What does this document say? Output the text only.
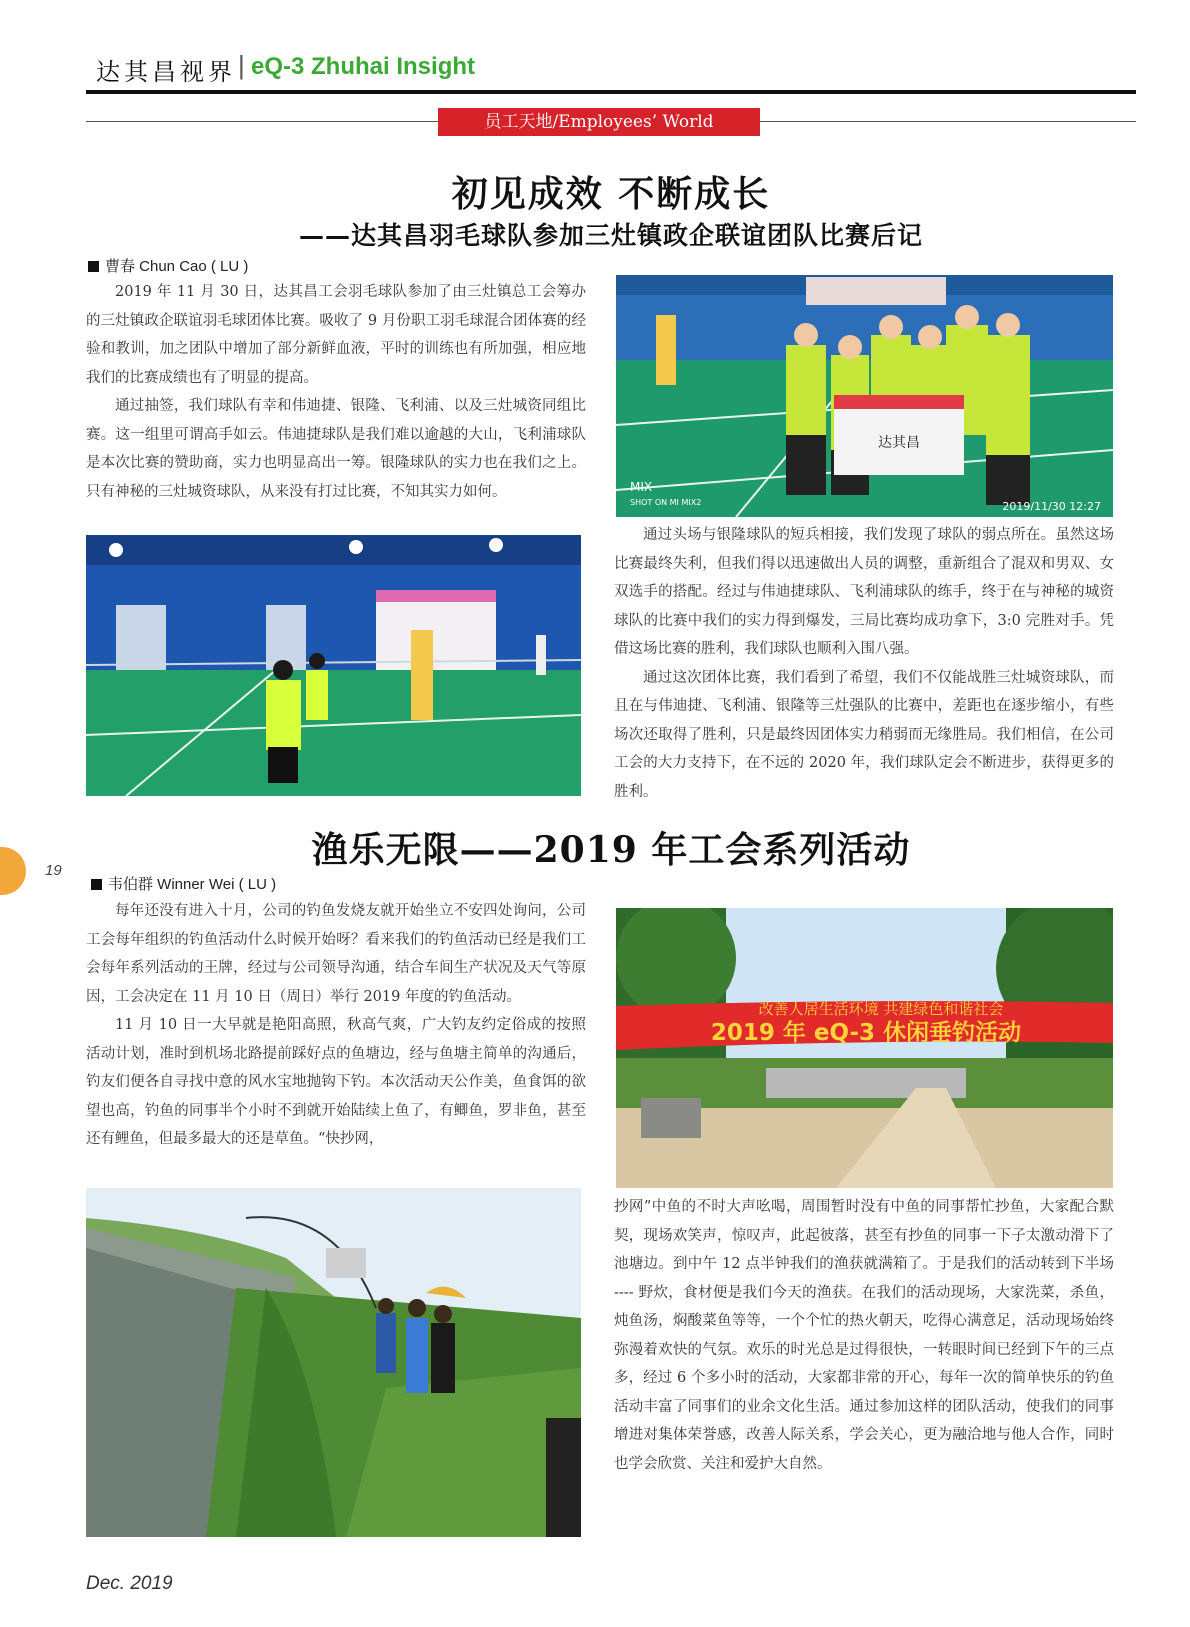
达其昌视界 | eQ-3 Zhuhai Insight
员工天地/Employees’ World
初见成效 不断成长
——达其昌羽毛球队参加三灶镇政企联谊团队比赛后记
曹春 Chun Cao ( LU )

2019 年 11 月 30 日，达其昌工会羽毛球队参加了由三灶镇总工会筹办的三灶镇政企联谊羽毛球团体比赛。吸收了 9 月份职工羽毛球混合团体赛的经验和教训，加之团队中增加了部分新鲜血液，平时的训练也有所加强，相应地我们的比赛成绩也有了明显的提高。

通过抽签，我们球队有幸和伟迪捷、银隆、飞利浦、以及三灶城资同组比赛。这一组里可谓高手如云。伟迪捷球队是我们难以逾越的大山，飞利浦球队是本次比赛的赞助商，实力也明显高出一筹。银隆球队的实力也在我们之上。只有神秘的三灶城资球队，从来没有打过比赛，不知其实力如何。

达其昌
MIX
SHOT ON MI MIX2	2019/11/30 12:27

通过头场与银隆球队的短兵相接，我们发现了球队的弱点所在。虽然这场比赛最终失利，但我们得以迅速做出人员的调整，重新组合了混双和男双、女双选手的搭配。经过与伟迪捷球队、飞利浦球队的练手，终于在与神秘的城资球队的比赛中我们的实力得到爆发，三局比赛均成功拿下，3:0 完胜对手。凭借这场比赛的胜利，我们球队也顺利入围八强。

通过这次团体比赛，我们看到了希望，我们不仅能战胜三灶城资球队，而且在与伟迪捷、飞利浦、银隆等三灶强队的比赛中，差距也在逐步缩小，有些场次还取得了胜利，只是最终因团体实力稍弱而无缘胜局。我们相信，在公司工会的大力支持下，在不远的 2020 年，我们球队定会不断进步，获得更多的胜利。

19	渔乐无限——2019 年工会系列活动
韦伯群 Winner Wei ( LU )

每年还没有进入十月，公司的钓鱼发烧友就开始坐立不安四处询问，公司工会每年组织的钓鱼活动什么时候开始呀？看来我们的钓鱼活动已经是我们工会每年系列活动的王牌，经过与公司领导沟通，结合车间生产状况及天气等原因，工会决定在 11 月 10 日（周日）举行 2019 年度的钓鱼活动。

11 月 10 日一大早就是艳阳高照，秋高气爽，广大钓友约定俗成的按照活动计划，准时到机场北路提前踩好点的鱼塘边，经与鱼塘主简单的沟通后，钓友们便各自寻找中意的风水宝地抛钩下钓。本次活动天公作美，鱼食饵的欲望也高，钓鱼的同事半个小时不到就开始陆续上鱼了，有鲫鱼，罗非鱼，甚至还有鲤鱼，但最多最大的还是草鱼。“快抄网，

改善人居生活环境 共建绿色和谐社会
2019 年 eQ-3 休闲垂钓活动

抄网”中鱼的不时大声吆喝，周围暂时没有中鱼的同事帮忙抄鱼，大家配合默契，现场欢笑声，惊叹声，此起彼落，甚至有抄鱼的同事一下子太激动滑下了池塘边。到中午 12 点半钟我们的渔获就满箱了。于是我们的活动转到下半场 ---- 野炊，食材便是我们今天的渔获。在我们的活动现场，大家洗菜，杀鱼，炖鱼汤，焖酸菜鱼等等，一个个忙的热火朝天，吃得心满意足，活动现场始终弥漫着欢快的气氛。欢乐的时光总是过得很快，一转眼时间已经到下午的三点多，经过 6 个多小时的活动，大家都非常的开心，每年一次的简单快乐的钓鱼活动丰富了同事们的业余文化生活。通过参加这样的团队活动，使我们的同事增进对集体荣誉感，改善人际关系，学会关心，更为融洽地与他人合作，同时也学会欣赏、关注和爱护大自然。

Dec. 2019
